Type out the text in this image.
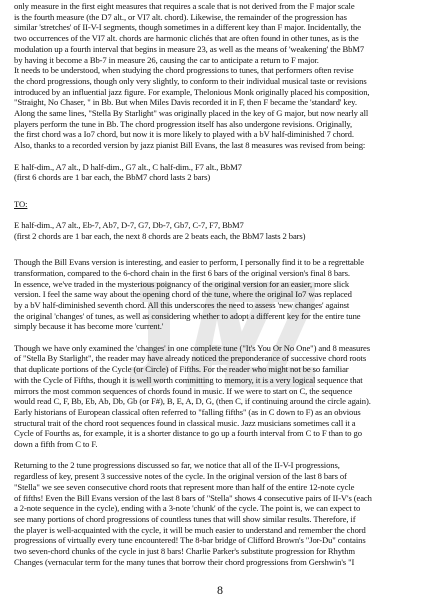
only measure in the first eight measures that requires a scale that is not derived from the F major scale

is the fourth measure (the D7 alt., or VI7 alt. chord). Likewise, the remainder of the progression has

similar 'stretches' of II-V-I segments, though sometimes in a different key than F major. Incidentally, the

two occurrences of the VI7 alt. chords are harmonic clichés that are often found in other tunes, as is the

modulation up a fourth interval that begins in measure 23, as well as the means of 'weakening' the BbM7

by having it become a Bb-7 in measure 26, causing the car to anticipate a return to F major.

It needs to be understood, when studying the chord progressions to tunes, that performers often revise

the chord progressions, though only very slightly, to conform to their individual musical taste or revisions

introduced by an influential jazz figure. For example, Thelonious Monk originally placed his composition,

"Straight, No Chaser, " in Bb. But when Miles Davis recorded it in F, then F became the 'standard' key.

Along the same lines, "Stella By Starlight" was originally placed in the key of G major, but now nearly all

players perform the tune in Bb. The chord progression itself has also undergone revisions. Originally,

the first chord was a Io7 chord, but now it is more likely to played with a bV half-diminished 7 chord.

Also, thanks to a recorded version by jazz pianist Bill Evans, the last 8 measures was revised from being:

E half-dim., A7 alt., D half-dim., G7 alt., C half-dim., F7 alt., BbM7

(first 6 chords are 1 bar each, the BbM7 chord lasts 2 bars)

TO:

E half-dim., A7 alt., Eb-7, Ab7, D-7, G7, Db-7, Gb7, C-7, F7, BbM7

(first 2 chords are 1 bar each, the next 8 chords are 2 beats each, the BbM7 lasts 2 bars)

Though the Bill Evans version is interesting, and easier to perform, I personally find it to be a regrettable

transformation, compared to the 6-chord chain in the first 6 bars of the original version's final 8 bars.

In essence, we've traded in the mysterious poignancy of the original version for an easier, more slick

version. I feel the same way about the opening chord of the tune, where the original Io7 was replaced

by a bV half-diminished seventh chord. All this underscores the need to assess 'new changes' against

the original 'changes' of tunes, as well as considering whether to adopt a different key for the entire tune

simply because it has become more 'current.'

Though we have only examined the 'changes' in one complete tune ("It's You Or No One") and 8 measures

of "Stella By Starlight", the reader may have already noticed the preponderance of successive chord roots

that duplicate portions of the Cycle (or Circle) of Fifths. For the reader who might not be so familiar

with the Cycle of Fifths, though it is well worth committing to memory, it is a very logical sequence that

mirrors the most common sequences of chords found in music. If we were to start on C, the sequence

would read C, F, Bb, Eb, Ab, Db, Gb (or F#), B, E, A, D, G, (then C, if continuing around the circle again).

Early historians of European classical often referred to "falling fifths" (as in C down to F) as an obvious

structural trait of the chord root sequences found in classical music. Jazz musicians sometimes call it a

Cycle of Fourths as, for example, it is a shorter distance to go up a fourth interval from C to F than to go

down a fifth from C to F.

Returning to the 2 tune progressions discussed so far, we notice that all of the II-V-I progressions,

regardless of key, present 3 successive notes of the cycle. In the original version of the last 8 bars of

"Stella" we see seven consecutive chord roots that represent more than half of the entire 12-note cycle

of fifths! Even the Bill Evans version of the last 8 bars of "Stella" shows 4 consecutive pairs of II-V's (each

a 2-note sequence in the cycle), ending with a 3-note 'chunk' of the cycle. The point is, we can expect to

see many portions of chord progressions of countless tunes that will show similar results. Therefore, if

the player is well-acquainted with the cycle, it will be much easier to understand and remember the chord

progressions of virtually every tune encountered! The 8-bar bridge of Clifford Brown's "Jor-Du" contains

two seven-chord chunks of the cycle in just 8 bars! Charlie Parker's substitute progression for Rhythm

Changes (vernacular term for the many tunes that borrow their chord progressions from Gershwin's "I

8
